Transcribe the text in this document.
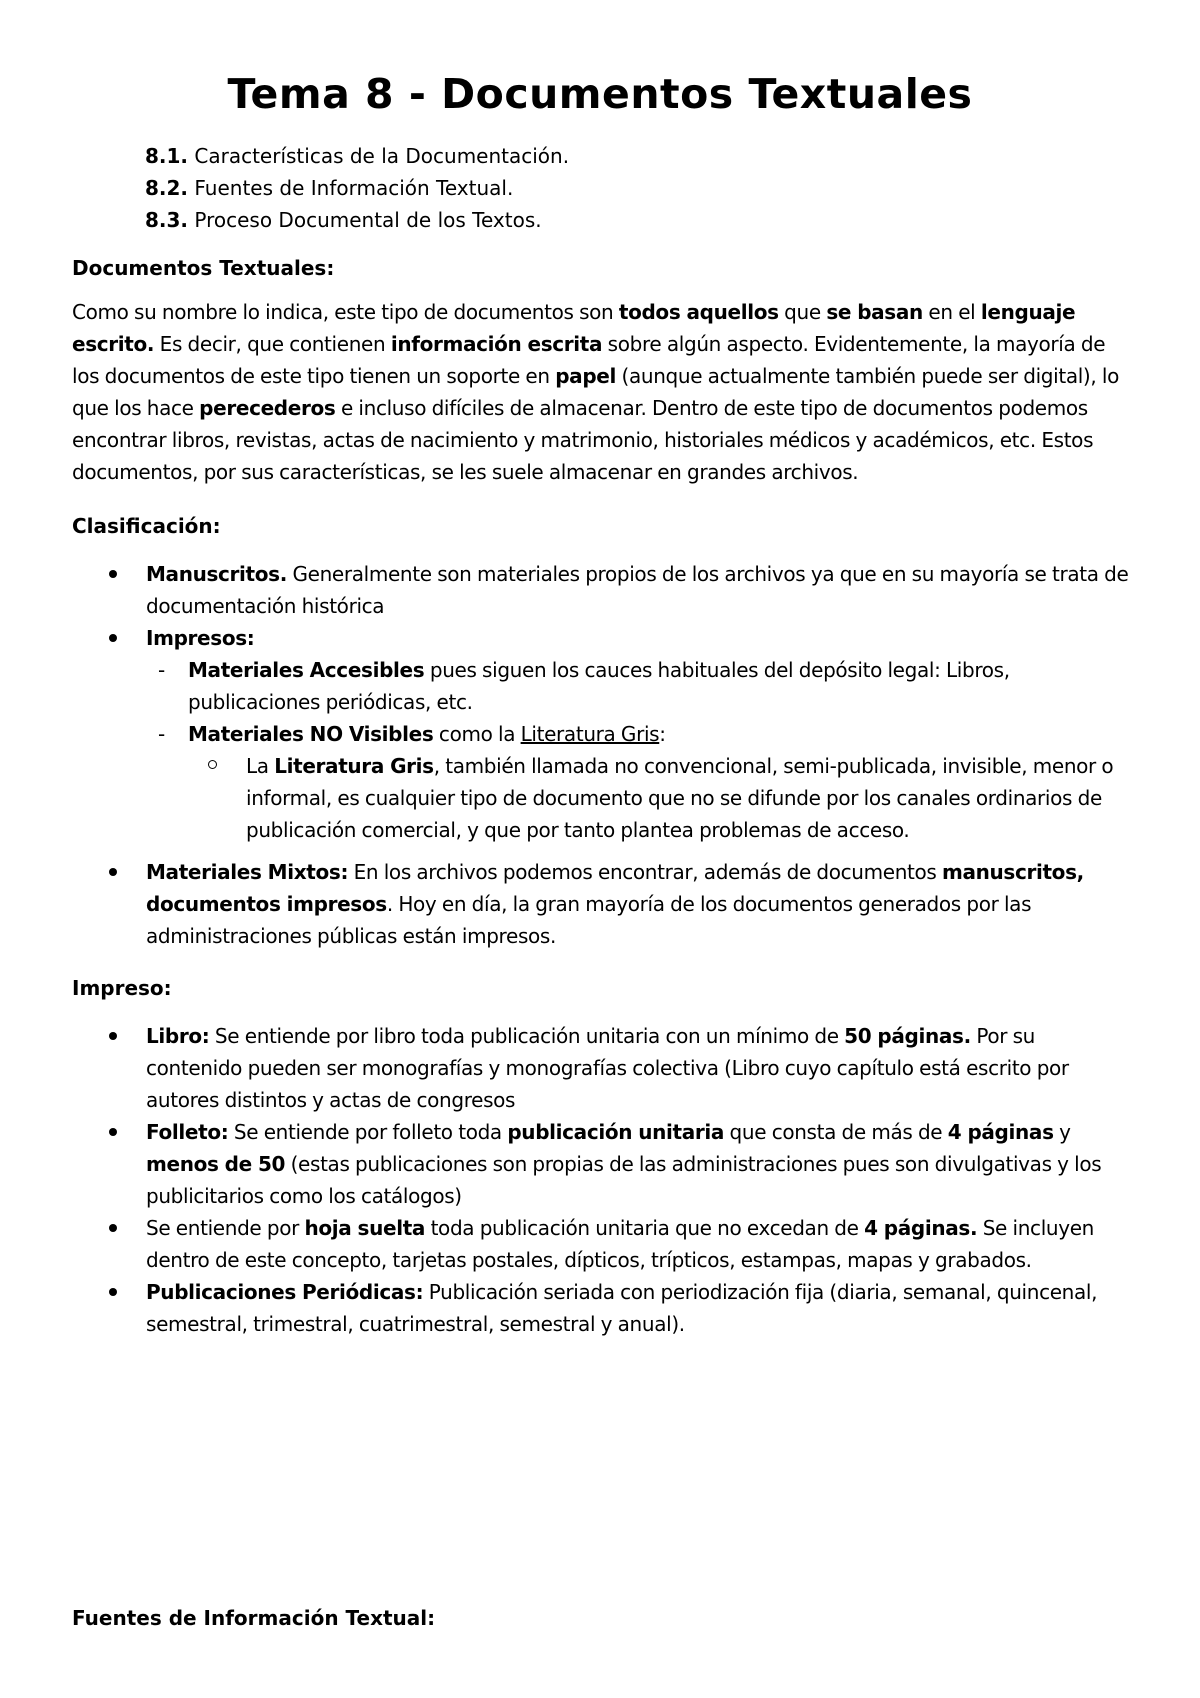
Tema 8 - Documentos Textuales
8.1. Características de la Documentación.
8.2. Fuentes de Información Textual.
8.3. Proceso Documental de los Textos.

Documentos Textuales:

Como su nombre lo indica, este tipo de documentos son todos aquellos que se basan en el lenguaje escrito. Es decir, que contienen información escrita sobre algún aspecto. Evidentemente, la mayoría de los documentos de este tipo tienen un soporte en papel (aunque actualmente también puede ser digital), lo que los hace perecederos e incluso difíciles de almacenar. Dentro de este tipo de documentos podemos encontrar libros, revistas, actas de nacimiento y matrimonio, historiales médicos y académicos, etc. Estos documentos, por sus características, se les suele almacenar en grandes archivos.

Clasificación:

Manuscritos. Generalmente son materiales propios de los archivos ya que en su mayoría se trata de documentación histórica
Impresos:
- Materiales Accesibles pues siguen los cauces habituales del depósito legal: Libros, publicaciones periódicas, etc.
- Materiales NO Visibles como la Literatura Gris:
La Literatura Gris, también llamada no convencional, semi-publicada, invisible, menor o informal, es cualquier tipo de documento que no se difunde por los canales ordinarios de publicación comercial, y que por tanto plantea problemas de acceso.
Materiales Mixtos: En los archivos podemos encontrar, además de documentos manuscritos, documentos impresos. Hoy en día, la gran mayoría de los documentos generados por las administraciones públicas están impresos.

Impreso:

Libro: Se entiende por libro toda publicación unitaria con un mínimo de 50 páginas. Por su contenido pueden ser monografías y monografías colectiva (Libro cuyo capítulo está escrito por autores distintos y actas de congresos
Folleto: Se entiende por folleto toda publicación unitaria que consta de más de 4 páginas y menos de 50 (estas publicaciones son propias de las administraciones pues son divulgativas y los publicitarios como los catálogos)
Se entiende por hoja suelta toda publicación unitaria que no excedan de 4 páginas. Se incluyen dentro de este concepto, tarjetas postales, dípticos, trípticos, estampas, mapas y grabados.
Publicaciones Periódicas: Publicación seriada con periodización fija (diaria, semanal, quincenal, semestral, trimestral, cuatrimestral, semestral y anual).

Fuentes de Información Textual:
